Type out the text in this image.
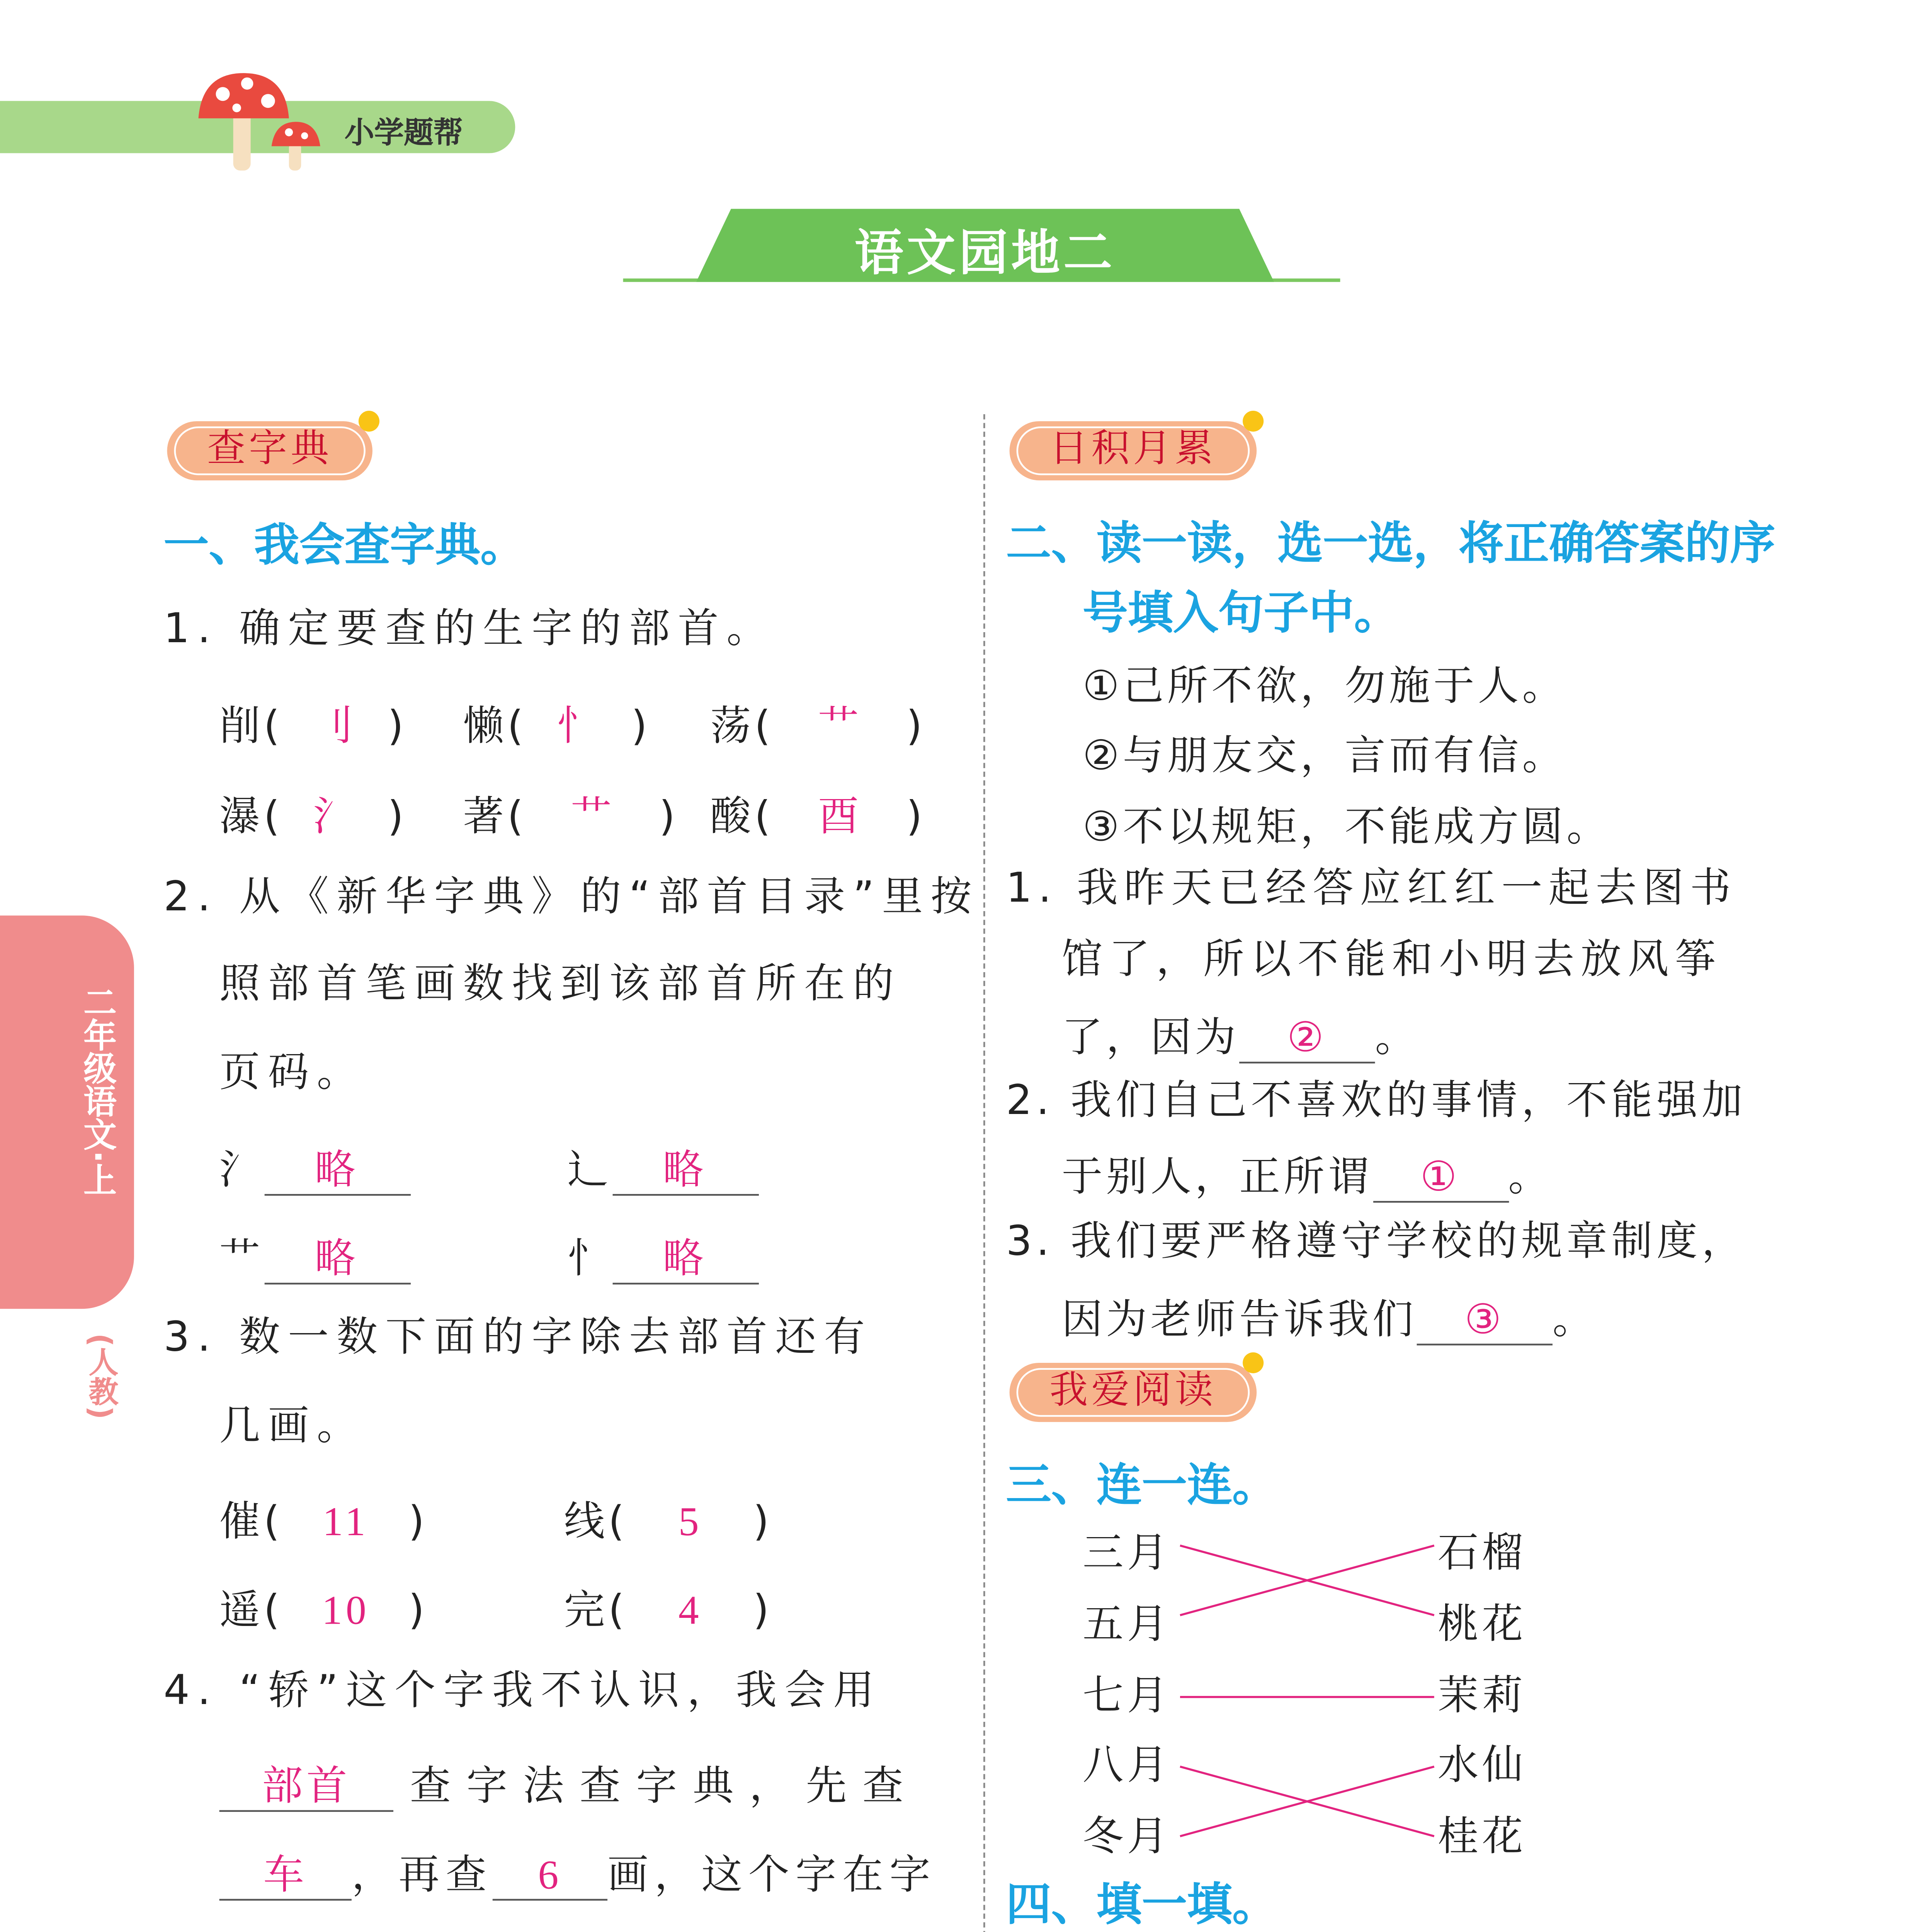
小学题帮
语文园地二
二年级语文·上
(人教)
查字典
一、我会查字典。
1. 确定要查的生字的部首。
削(	刂	)	懒(	忄	)	荡(	艹	)
瀑(	氵	)	著(	艹	)	酸(	酉	)
2. 从《新华字典》的“部首目录”里按
照部首笔画数找到该部首所在的
页码。
氵	略	辶	略
艹	略	忄	略
3. 数一数下面的字除去部首还有
几画。
催(	11	)	线(	5	)
遥(	10	)	完(	4	)
4. “轿”这个字我不认识，我会用
部首	查字法查字典，先查
车	，再查	6	画，这个字在字

日积月累
二、读一读，选一选，将正确答案的序
号填入句子中。
①己所不欲，勿施于人。
②与朋友交，言而有信。
③不以规矩，不能成方圆。
1. 我昨天已经答应红红一起去图书
馆了，所以不能和小明去放风筝
了，因为	②	。
2. 我们自己不喜欢的事情，不能强加
于别人，正所谓	①	。
3. 我们要严格遵守学校的规章制度，
因为老师告诉我们	③	。
我爱阅读
三、连一连。
三月
五月
七月
八月
冬月
石榴
桃花
茉莉
水仙
桂花
四、填一填。
